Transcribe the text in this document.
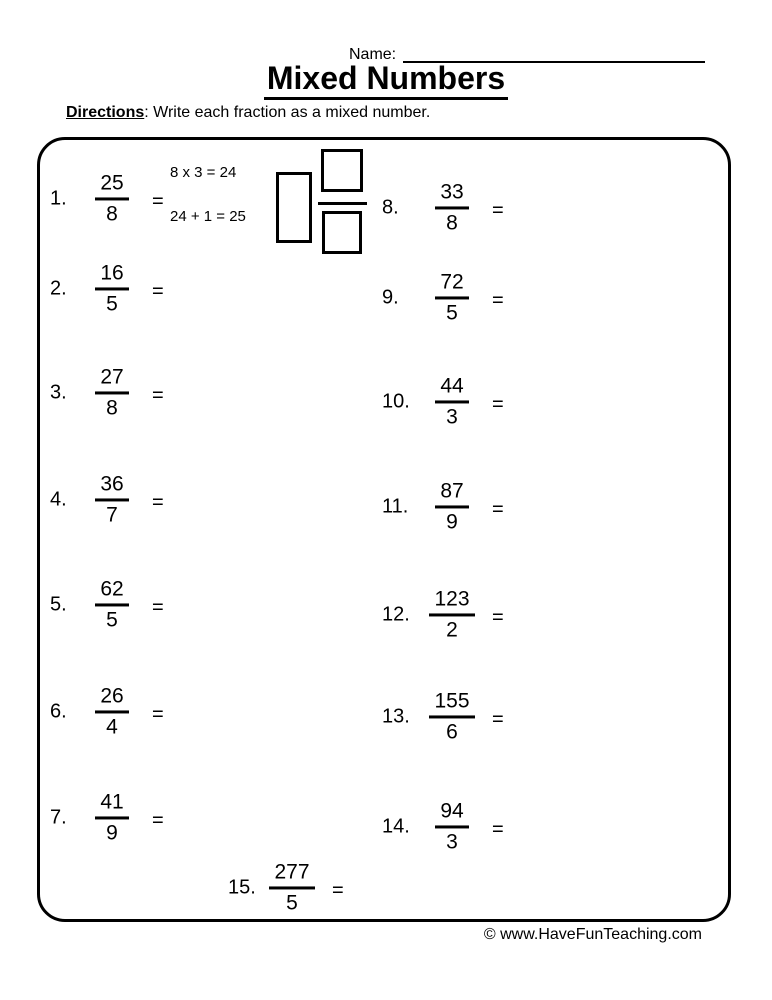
Name:
Mixed Numbers
Directions: Write each fraction as a mixed number.
8 x 3 = 24
24 + 1 = 25
1.	$\frac{25}{8}$ =
2.	$\frac{16}{5}$ =
3.	$\frac{27}{8}$ =
4.	$\frac{36}{7}$ =
5.	$\frac{62}{5}$ =
6.	$\frac{26}{4}$ =
7.	$\frac{41}{9}$ =
8.	$\frac{33}{8}$ =
9.	$\frac{72}{5}$ =
10.	$\frac{44}{3}$ =
11.	$\frac{87}{9}$ =
12. $\frac{123}{2}$ =
13. $\frac{155}{6}$ =
14.	$\frac{94}{3}$ =
15. $\frac{277}{5}$ =
© www.HaveFunTeaching.com
